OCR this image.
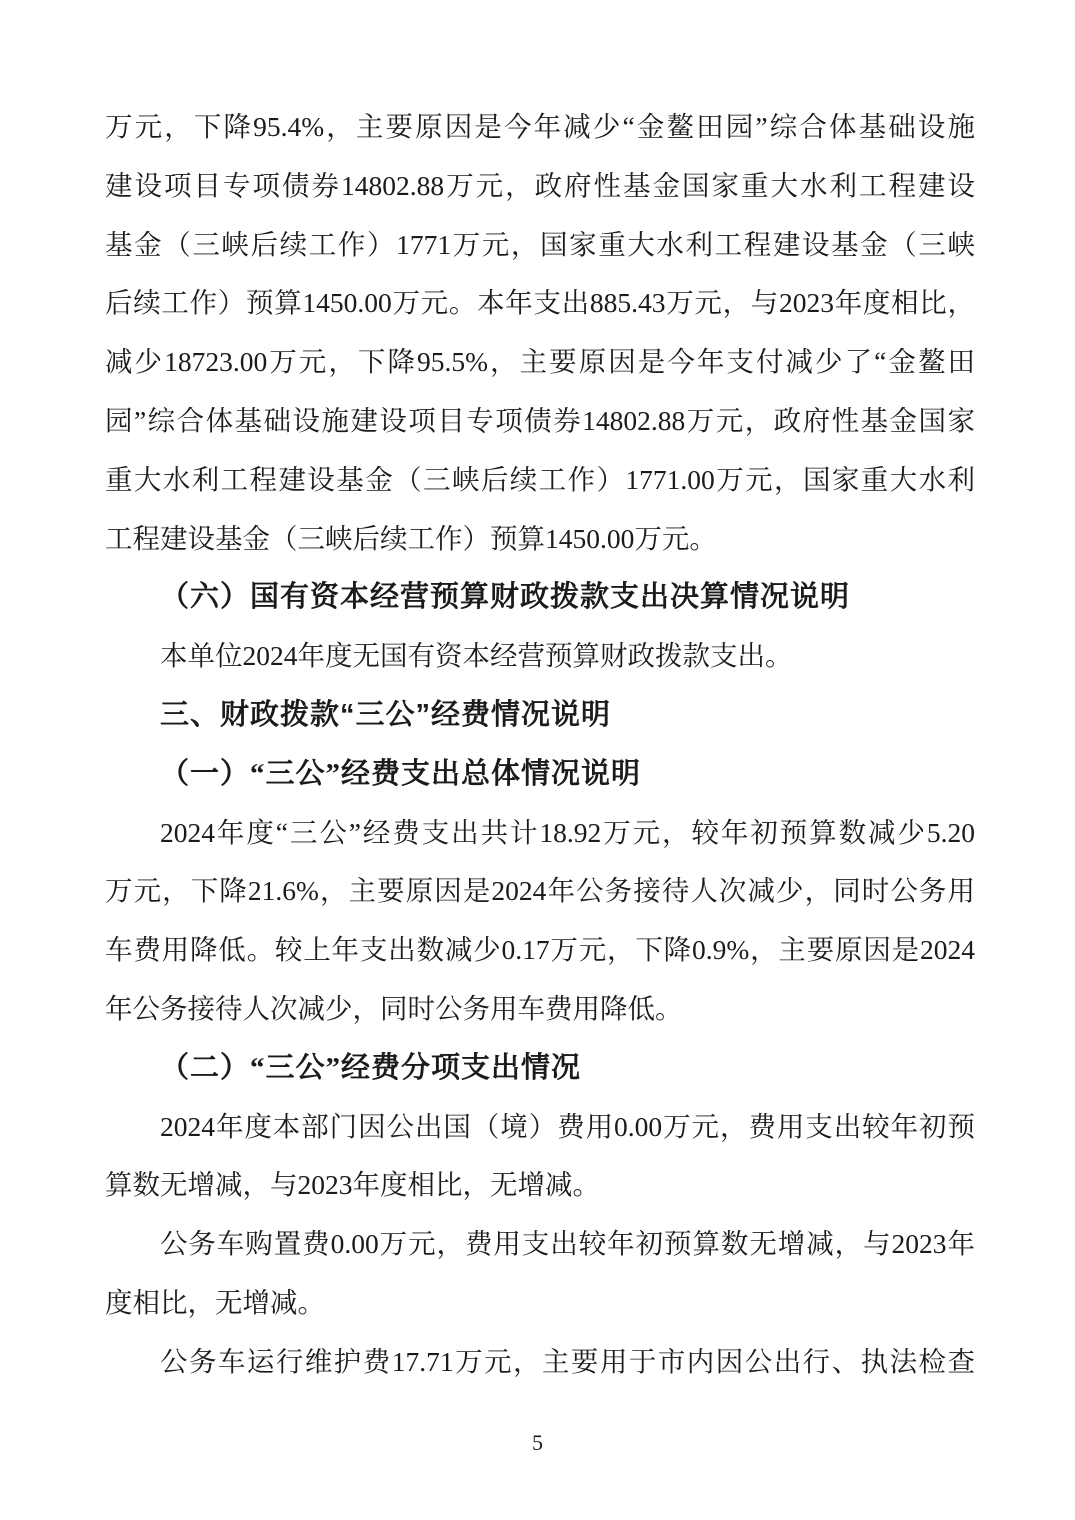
万元，下降95.4%，主要原因是今年减少“金鳌田园”综合体基础设施
建设项目专项债券14802.88万元，政府性基金国家重大水利工程建设
基金（三峡后续工作）1771万元，国家重大水利工程建设基金（三峡
后续工作）预算1450.00万元。本年支出885.43万元，与2023年度相比，
减少18723.00万元，下降95.5%，主要原因是今年支付减少了“金鳌田
园”综合体基础设施建设项目专项债券14802.88万元，政府性基金国家
重大水利工程建设基金（三峡后续工作）1771.00万元，国家重大水利
工程建设基金（三峡后续工作）预算1450.00万元。
（六）国有资本经营预算财政拨款支出决算情况说明
本单位2024年度无国有资本经营预算财政拨款支出。
三、财政拨款“三公”经费情况说明
（一）“三公”经费支出总体情况说明
2024年度“三公”经费支出共计18.92万元，较年初预算数减少5.20
万元，下降21.6%，主要原因是2024年公务接待人次减少，同时公务用
车费用降低。较上年支出数减少0.17万元，下降0.9%，主要原因是2024
年公务接待人次减少，同时公务用车费用降低。
（二）“三公”经费分项支出情况
2024年度本部门因公出国（境）费用0.00万元，费用支出较年初预
算数无增减，与2023年度相比，无增减。
公务车购置费0.00万元，费用支出较年初预算数无增减，与2023年
度相比，无增减。
公务车运行维护费17.71万元，主要用于市内因公出行、执法检查
5
